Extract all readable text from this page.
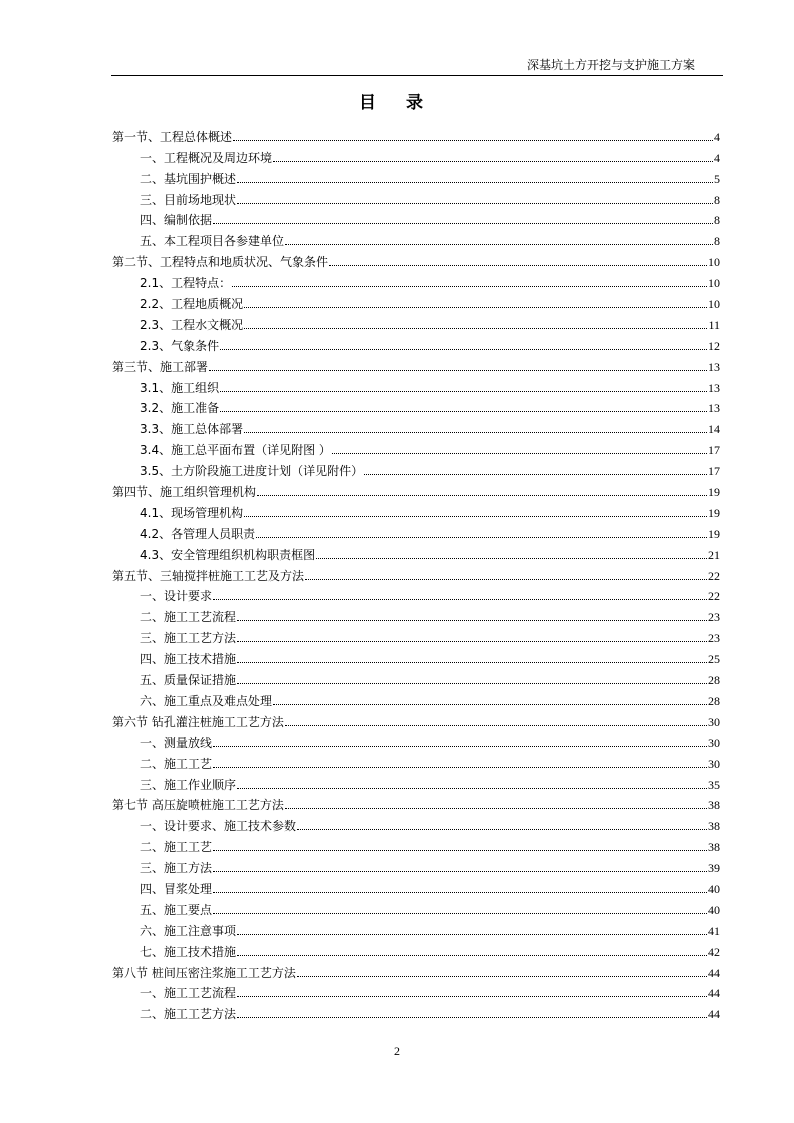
深基坑土方开挖与支护施工方案
目 录
第一节、工程总体概述	4
一、工程概况及周边环境	4
二、基坑围护概述	5
三、目前场地现状	8
四、编制依据	8
五、本工程项目各参建单位	8
第二节、工程特点和地质状况、气象条件	10
2.1、工程特点：	10
2.2、工程地质概况	10
2.3、工程水文概况	11
2.3、气象条件	12
第三节、施工部署	13
3.1、施工组织	13
3.2、施工准备	13
3.3、施工总体部署	14
3.4、施工总平面布置（详见附图 ）	17
3.5、土方阶段施工进度计划（详见附件）	17
第四节、施工组织管理机构	19
4.1、现场管理机构	19
4.2、各管理人员职责	19
4.3、安全管理组织机构职责框图	21
第五节、三轴搅拌桩施工工艺及方法	22
一、设计要求	22
二、施工工艺流程	23
三、施工工艺方法	23
四、施工技术措施	25
五、质量保证措施	28
六、施工重点及难点处理	28
第六节 钻孔灌注桩施工工艺方法	30
一、测量放线	30
二、施工工艺	30
三、施工作业顺序	35
第七节 高压旋喷桩施工工艺方法	38
一、设计要求、施工技术参数	38
二、施工工艺	38
三、施工方法	39
四、冒浆处理	40
五、施工要点	40
六、施工注意事项	41
七、施工技术措施	42
第八节 桩间压密注浆施工工艺方法	44
一、施工工艺流程	44
二、施工工艺方法	44
2
